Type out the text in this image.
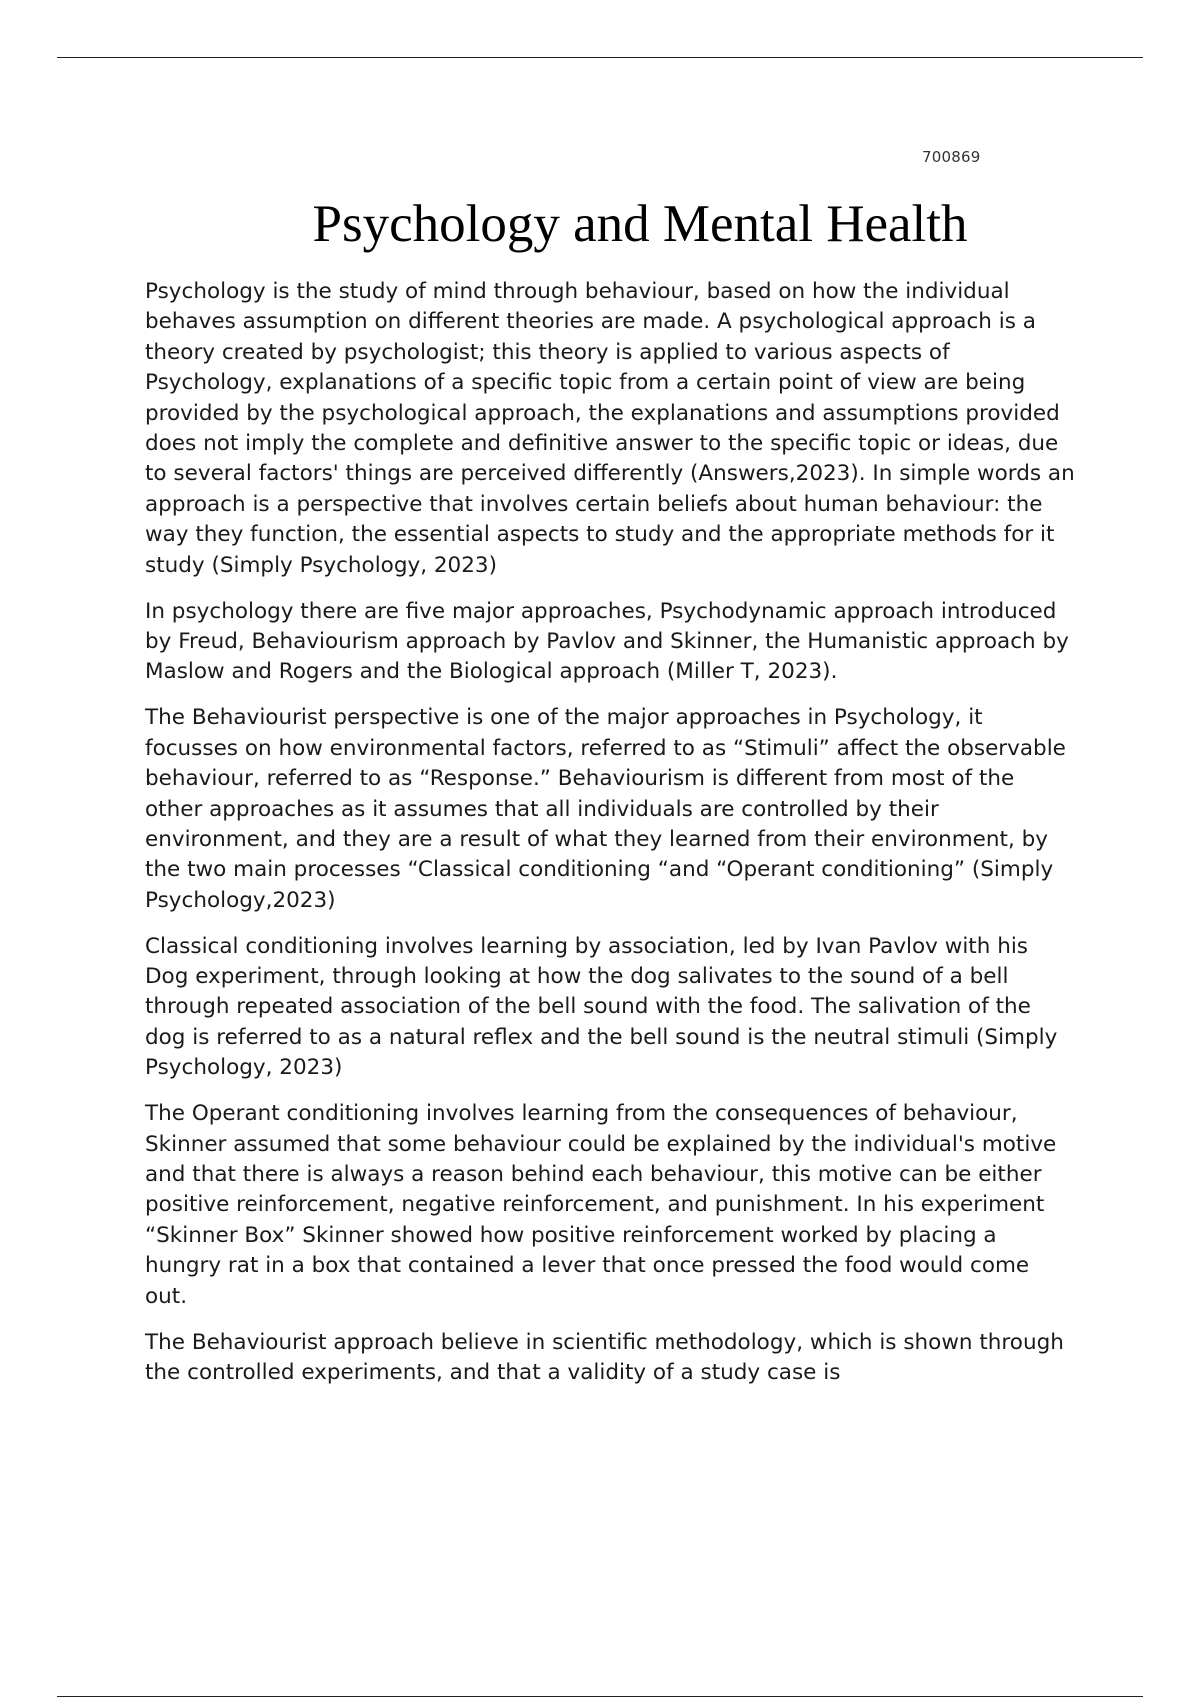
700869
Psychology and Mental Health

Psychology is the study of mind through behaviour, based on how the individual behaves assumption on different theories are made. A psychological approach is a theory created by psychologist; this theory is applied to various aspects of Psychology, explanations of a specific topic from a certain point of view are being provided by the psychological approach, the explanations and assumptions provided does not imply the complete and definitive answer to the specific topic or ideas, due to several factors' things are perceived differently (Answers,2023). In simple words an approach is a perspective that involves certain beliefs about human behaviour: the way they function, the essential aspects to study and the appropriate methods for it study (Simply Psychology, 2023)

In psychology there are five major approaches, Psychodynamic approach introduced by Freud, Behaviourism approach by Pavlov and Skinner, the Humanistic approach by Maslow and Rogers and the Biological approach (Miller T, 2023).

The Behaviourist perspective is one of the major approaches in Psychology, it focusses on how environmental factors, referred to as “Stimuli” affect the observable behaviour, referred to as “Response.” Behaviourism is different from most of the other approaches as it assumes that all individuals are controlled by their environment, and they are a result of what they learned from their environment, by the two main processes “Classical conditioning “and “Operant conditioning” (Simply Psychology,2023)

Classical conditioning involves learning by association, led by Ivan Pavlov with his Dog experiment, through looking at how the dog salivates to the sound of a bell through repeated association of the bell sound with the food. The salivation of the dog is referred to as a natural reflex and the bell sound is the neutral stimuli (Simply Psychology, 2023)

The Operant conditioning involves learning from the consequences of behaviour, Skinner assumed that some behaviour could be explained by the individual's motive and that there is always a reason behind each behaviour, this motive can be either positive reinforcement, negative reinforcement, and punishment. In his experiment “Skinner Box” Skinner showed how positive reinforcement worked by placing a hungry rat in a box that contained a lever that once pressed the food would come out.

The Behaviourist approach believe in scientific methodology, which is shown through the controlled experiments, and that a validity of a study case is
